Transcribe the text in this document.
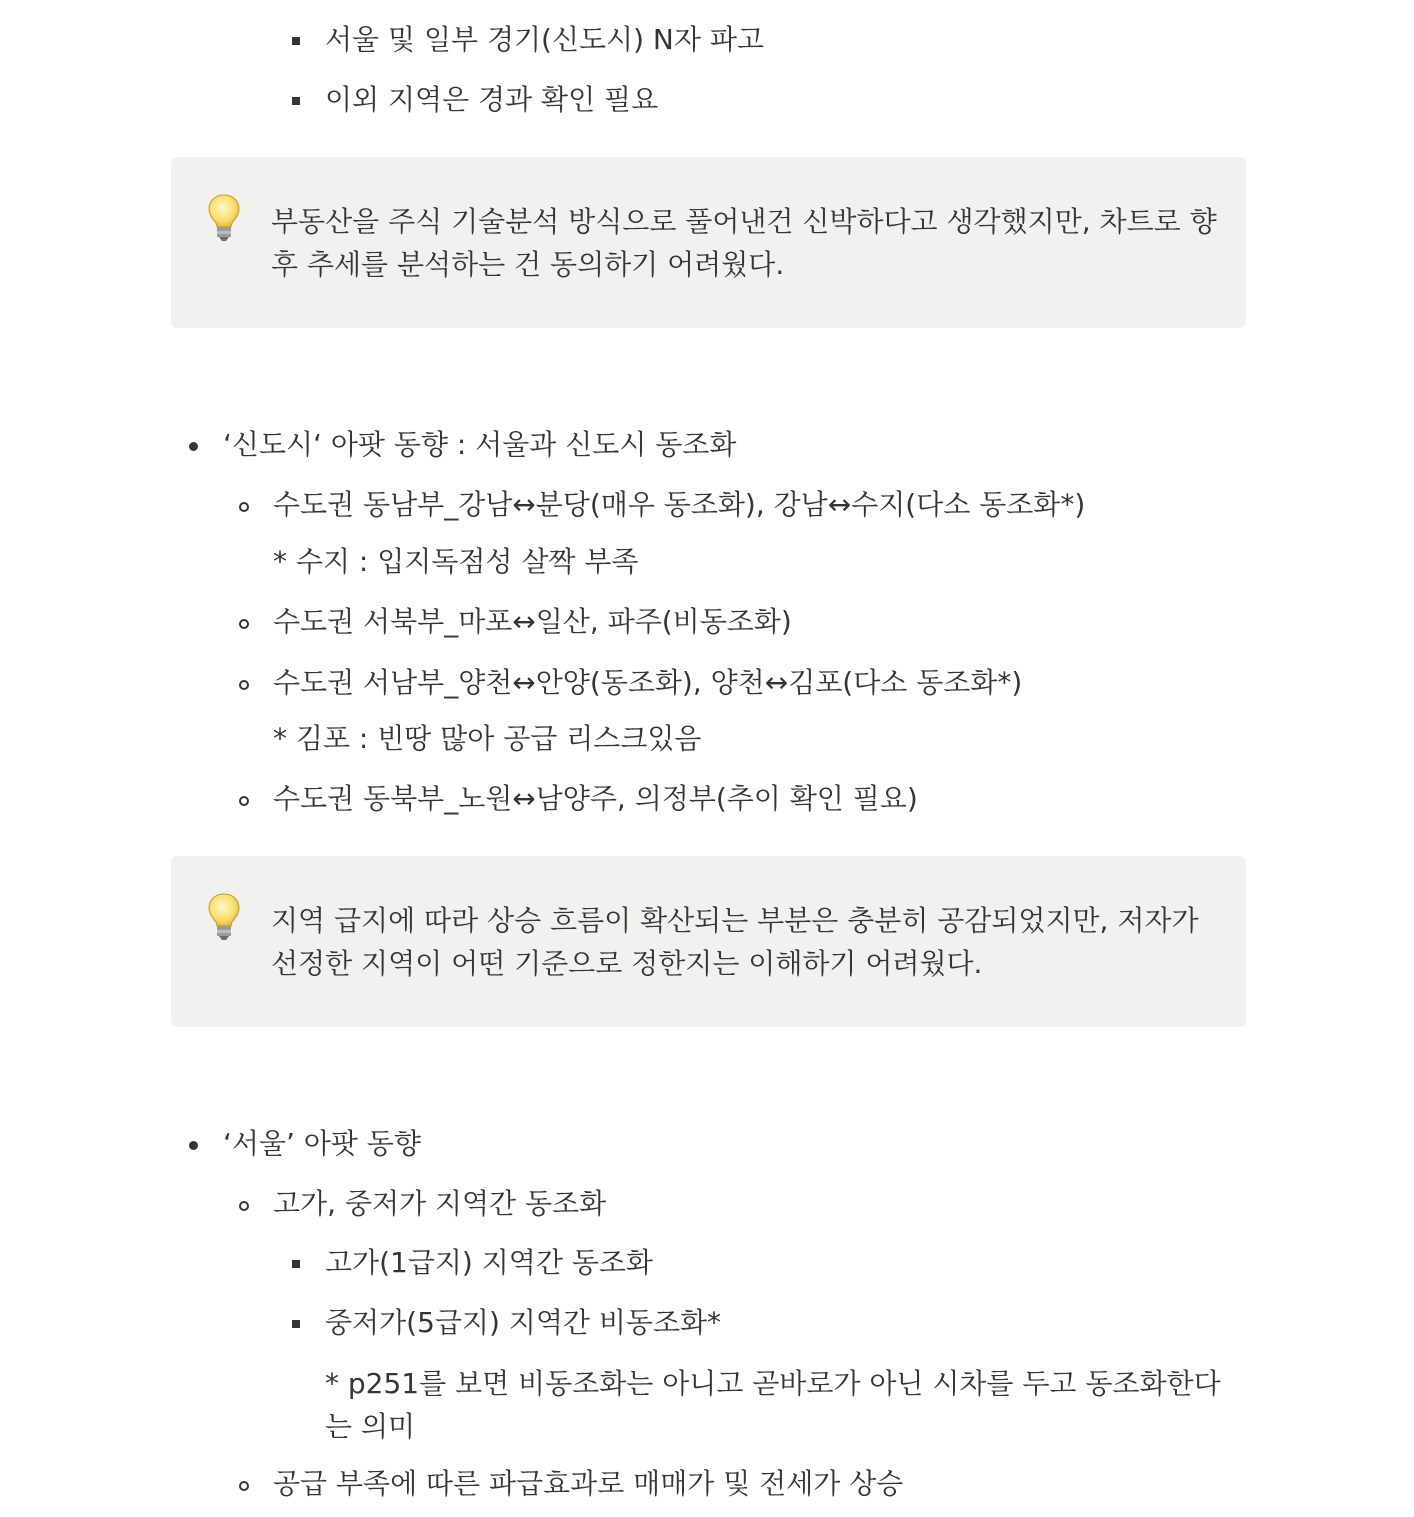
서울 및 일부 경기(신도시) N자 파고
이외 지역은 경과 확인 필요
부동산을 주식 기술분석 방식으로 풀어낸건 신박하다고 생각했지만, 차트로 향후 추세를 분석하는 건 동의하기 어려웠다.
‘신도시‘ 아팟 동향 : 서울과 신도시 동조화
수도권 동남부_강남↔분당(매우 동조화), 강남↔수지(다소 동조화*)
* 수지 : 입지독점성 살짝 부족
수도권 서북부_마포↔일산, 파주(비동조화)
수도권 서남부_양천↔안양(동조화), 양천↔김포(다소 동조화*)
* 김포 : 빈땅 많아 공급 리스크있음
수도권 동북부_노원↔남양주, 의정부(추이 확인 필요)
지역 급지에 따라 상승 흐름이 확산되는 부분은 충분히 공감되었지만, 저자가 선정한 지역이 어떤 기준으로 정한지는 이해하기 어려웠다.
‘서울’ 아팟 동향
고가, 중저가 지역간 동조화
고가(1급지) 지역간 동조화
중저가(5급지) 지역간 비동조화*
* p251를 보면 비동조화는 아니고 곧바로가 아닌 시차를 두고 동조화한다는 의미
공급 부족에 따른 파급효과로 매매가 및 전세가 상승
